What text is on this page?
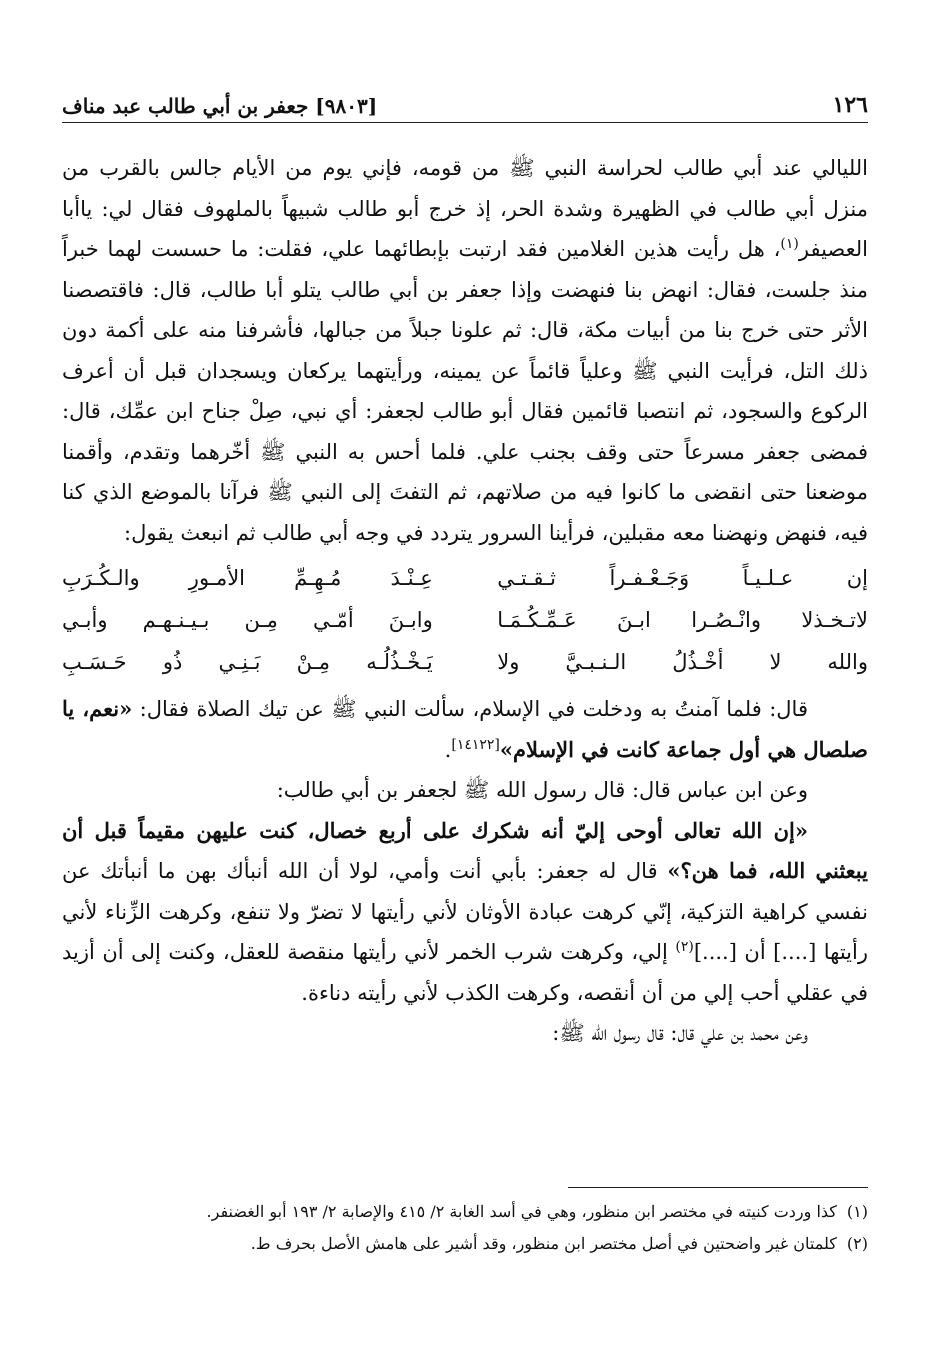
١٢٦
[٩٨٠٣] جعفر بن أبي طالب عبد مناف

الليالي عند أبي طالب لحراسة النبي ﷺ من قومه، فإني يوم من الأيام جالس بالقرب من منزل أبي طالب في الظهيرة وشدة الحر، إذ خرج أبو طالب شبيهاً بالملهوف فقال لي: ياأبا العصيفر$^{(١)}$، هل رأيت هذين الغلامين فقد ارتبت بإبطائهما علي، فقلت: ما حسست لهما خبراً منذ جلست، فقال: انهض بنا فنهضت وإذا جعفر بن أبي طالب يتلو أبا طالب، قال: فاقتصصنا الأثر حتى خرج بنا من أبيات مكة، قال: ثم علونا جبلاً من جبالها، فأشرفنا منه على أكمة دون ذلك التل، فرأيت النبي ﷺ وعلياً قائماً عن يمينه، ورأيتهما يركعان ويسجدان قبل أن أعرف الركوع والسجود، ثم انتصبا قائمين فقال أبو طالب لجعفر: أي نبي، صِلْ جناح ابن عمِّك، قال: فمضى جعفر مسرعاً حتى وقف بجنب علي. فلما أحس به النبي ﷺ أخّرهما وتقدم، وأقمنا موضعنا حتى انقضى ما كانوا فيه من صلاتهم، ثم التفتَ إلى النبي ﷺ فرآنا بالموضع الذي كنا فيه، فنهض ونهضنا معه مقبلين، فرأينا السرور يتردد في وجه أبي طالب ثم انبعث يقول:

إن عـلـيـاً وَجَـعْـفـراً ثـقـتـي
عِـنْـدَ مُـهِـمِّ الأمـورِ والـكُـرَبِ
لاتـخـذلا وانْـصُـرا ابـنَ عَـمِّـكُـمَـا
وابـنَ أمّـي مِـن بـيـنـهـم وأبـي
والله لا أخْـذُلُ الـنـبـيَّ ولا
يَـخْـذُلُـه مِـنْ بَـنِـي ذُو حَـسَـبِ

قال: فلما آمنتُ به ودخلت في الإسلام، سألت النبي ﷺ عن تيك الصلاة فقال: «نعم، يا صلصال هي أول جماعة كانت في الإسلام»[١٤١٢٢].

وعن ابن عباس قال: قال رسول الله ﷺ لجعفر بن أبي طالب:

«إن الله تعالى أوحى إليّ أنه شكرك على أربع خصال، كنت عليهن مقيماً قبل أن يبعثني الله، فما هن؟» قال له جعفر: بأبي أنت وأمي، لولا أن الله أنبأك بهن ما أنبأتك عن نفسي كراهية التزكية، إنّي كرهت عبادة الأوثان لأني رأيتها لا تضرّ ولا تنفع، وكرهت الزِّناء لأني رأيتها [....] أن [....]$^{(٢)}$ إلي، وكرهت شرب الخمر لأني رأيتها منقصة للعقل، وكنت إلى أن أزيد في عقلي أحب إلي من أن أنقصه، وكرهت الكذب لأني رأيته دناءة.

وعن محمد بن علي قال: قال رسول الله ﷺ:

(١)كذا وردت كنيته في مختصر ابن منظور، وهي في أسد الغابة ٢/ ٤١٥ والإصابة ٢/ ١٩٣ أبو الغضنفر.

(٢)كلمتان غير واضحتين في أصل مختصر ابن منظور، وقد أشير على هامش الأصل بحرف ط.
